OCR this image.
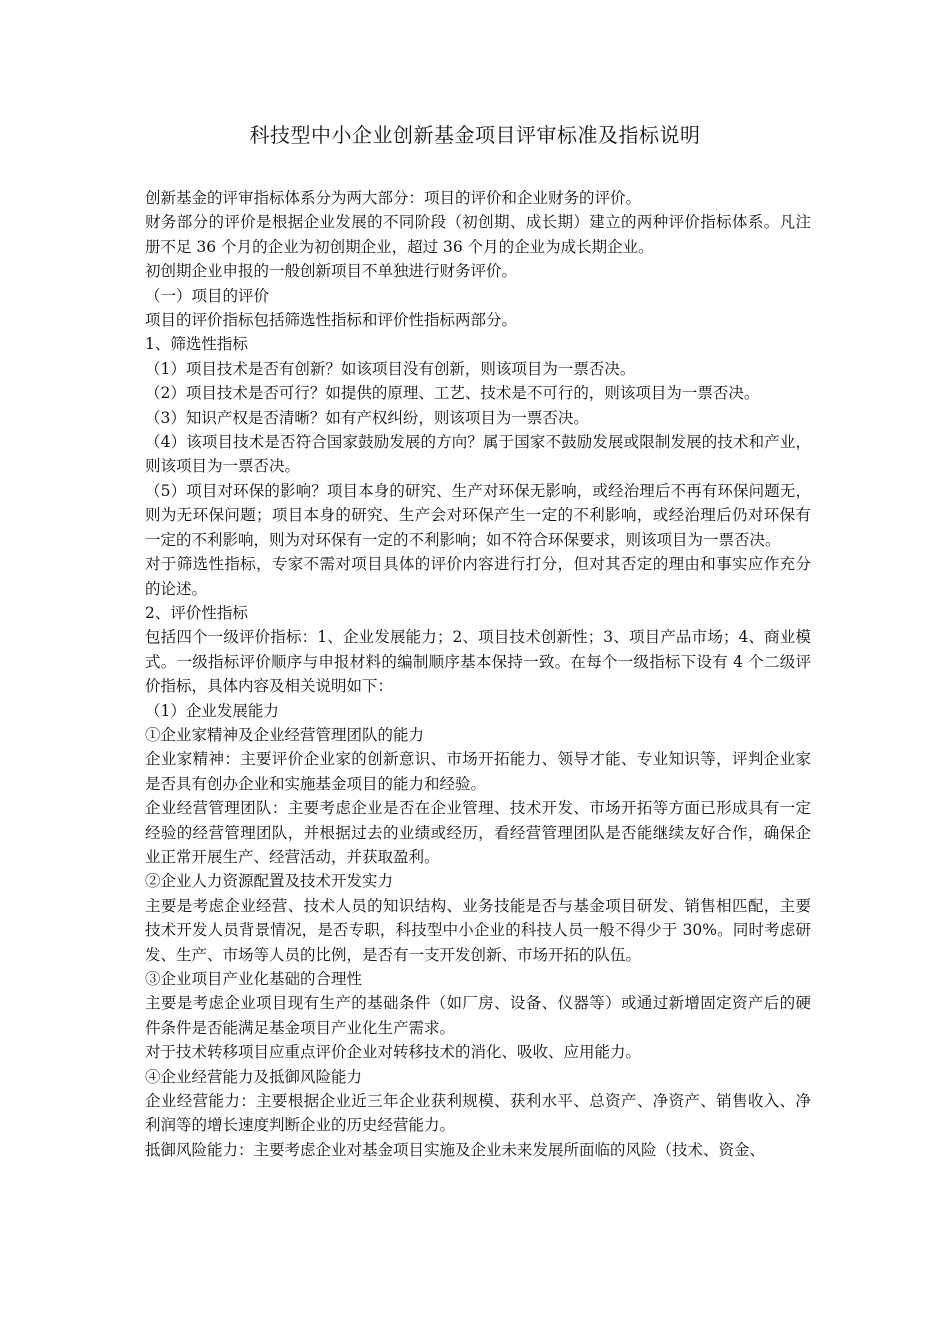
科技型中小企业创新基金项目评审标准及指标说明

创新基金的评审指标体系分为两大部分：项目的评价和企业财务的评价。

财务部分的评价是根据企业发展的不同阶段（初创期、成长期）建立的两种评价指标体系。凡注册不足 36 个月的企业为初创期企业，超过 36 个月的企业为成长期企业。

初创期企业申报的一般创新项目不单独进行财务评价。

（一）项目的评价

项目的评价指标包括筛选性指标和评价性指标两部分。

1、筛选性指标

（1）项目技术是否有创新？如该项目没有创新，则该项目为一票否决。

（2）项目技术是否可行？如提供的原理、工艺、技术是不可行的，则该项目为一票否决。

（3）知识产权是否清晰？如有产权纠纷，则该项目为一票否决。

（4）该项目技术是否符合国家鼓励发展的方向？属于国家不鼓励发展或限制发展的技术和产业，则该项目为一票否决。

（5）项目对环保的影响？项目本身的研究、生产对环保无影响，或经治理后不再有环保问题无，则为无环保问题；项目本身的研究、生产会对环保产生一定的不利影响，或经治理后仍对环保有一定的不利影响，则为对环保有一定的不利影响；如不符合环保要求，则该项目为一票否决。

对于筛选性指标，专家不需对项目具体的评价内容进行打分，但对其否定的理由和事实应作充分的论述。

2、评价性指标

包括四个一级评价指标：1、企业发展能力；2、项目技术创新性；3、项目产品市场；4、商业模式。一级指标评价顺序与申报材料的编制顺序基本保持一致。在每个一级指标下设有 4 个二级评价指标，具体内容及相关说明如下：

（1）企业发展能力

①企业家精神及企业经营管理团队的能力

企业家精神：主要评价企业家的创新意识、市场开拓能力、领导才能、专业知识等，评判企业家是否具有创办企业和实施基金项目的能力和经验。

企业经营管理团队：主要考虑企业是否在企业管理、技术开发、市场开拓等方面已形成具有一定经验的经营管理团队，并根据过去的业绩或经历，看经营管理团队是否能继续友好合作，确保企业正常开展生产、经营活动，并获取盈利。

②企业人力资源配置及技术开发实力

主要是考虑企业经营、技术人员的知识结构、业务技能是否与基金项目研发、销售相匹配，主要技术开发人员背景情况，是否专职，科技型中小企业的科技人员一般不得少于 30%。同时考虑研发、生产、市场等人员的比例，是否有一支开发创新、市场开拓的队伍。

③企业项目产业化基础的合理性

主要是考虑企业项目现有生产的基础条件（如厂房、设备、仪器等）或通过新增固定资产后的硬件条件是否能满足基金项目产业化生产需求。

对于技术转移项目应重点评价企业对转移技术的消化、吸收、应用能力。

④企业经营能力及抵御风险能力

企业经营能力：主要根据企业近三年企业获利规模、获利水平、总资产、净资产、销售收入、净利润等的增长速度判断企业的历史经营能力。

抵御风险能力：主要考虑企业对基金项目实施及企业未来发展所面临的风险（技术、资金、
